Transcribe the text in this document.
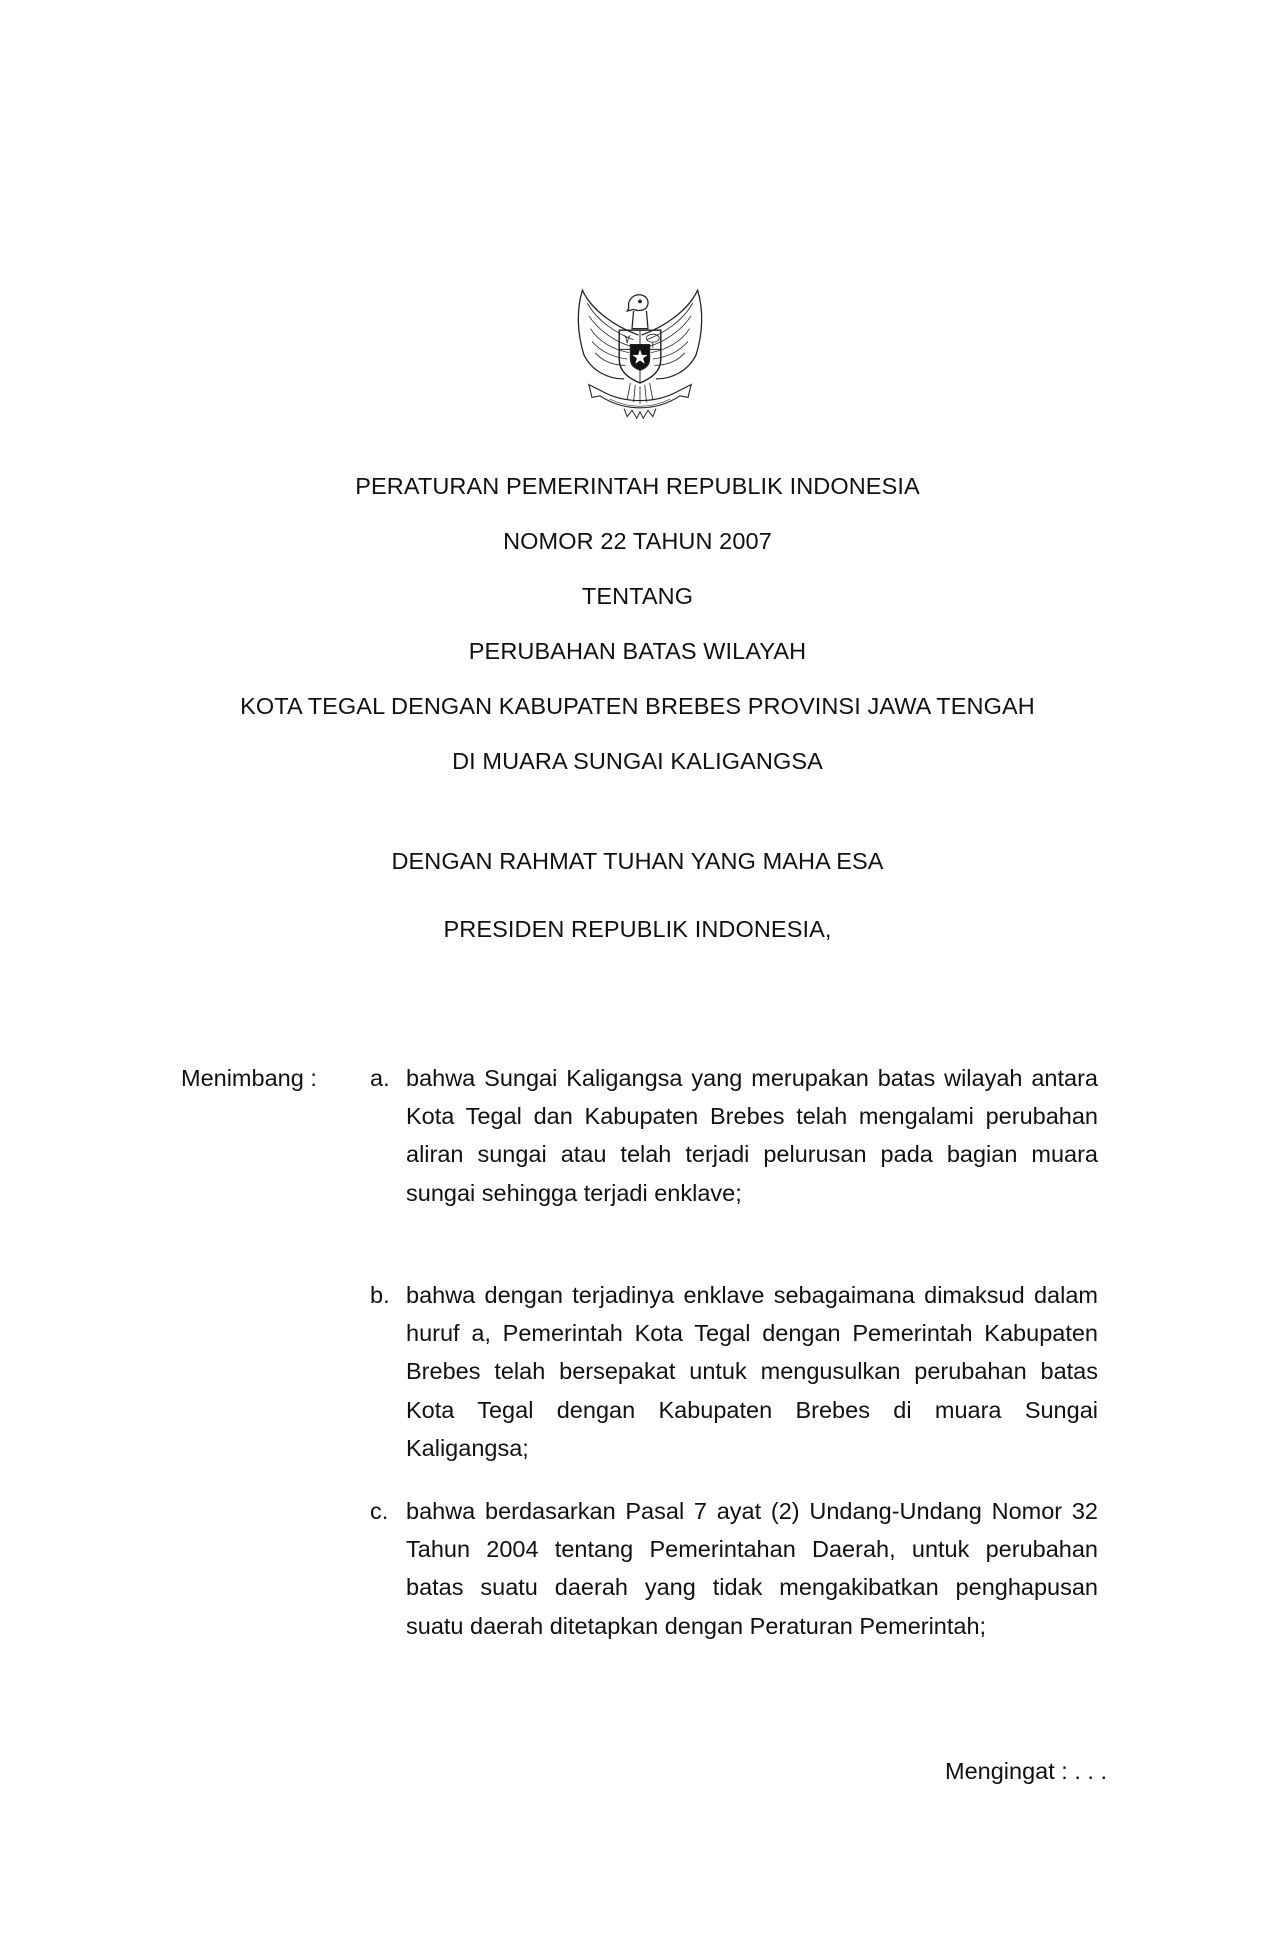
PERATURAN PEMERINTAH REPUBLIK INDONESIA
NOMOR 22 TAHUN 2007
TENTANG
PERUBAHAN BATAS WILAYAH
KOTA TEGAL DENGAN KABUPATEN BREBES PROVINSI JAWA TENGAH
DI MUARA SUNGAI KALIGANGSA
DENGAN RAHMAT TUHAN YANG MAHA ESA
PRESIDEN REPUBLIK INDONESIA,
Menimbang : a. bahwa Sungai Kaligangsa yang merupakan batas wilayah antara Kota Tegal dan Kabupaten Brebes telah mengalami perubahan aliran sungai atau telah terjadi pelurusan pada bagian muara sungai sehingga terjadi enklave;

b. bahwa dengan terjadinya enklave sebagaimana dimaksud dalam huruf a, Pemerintah Kota Tegal dengan Pemerintah Kabupaten Brebes telah bersepakat untuk mengusulkan perubahan batas Kota Tegal dengan Kabupaten Brebes di muara Sungai Kaligangsa;

c. bahwa berdasarkan Pasal 7 ayat (2) Undang-Undang Nomor 32 Tahun 2004 tentang Pemerintahan Daerah, untuk perubahan batas suatu daerah yang tidak mengakibatkan penghapusan suatu daerah ditetapkan dengan Peraturan Pemerintah;

Mengingat : . . .
